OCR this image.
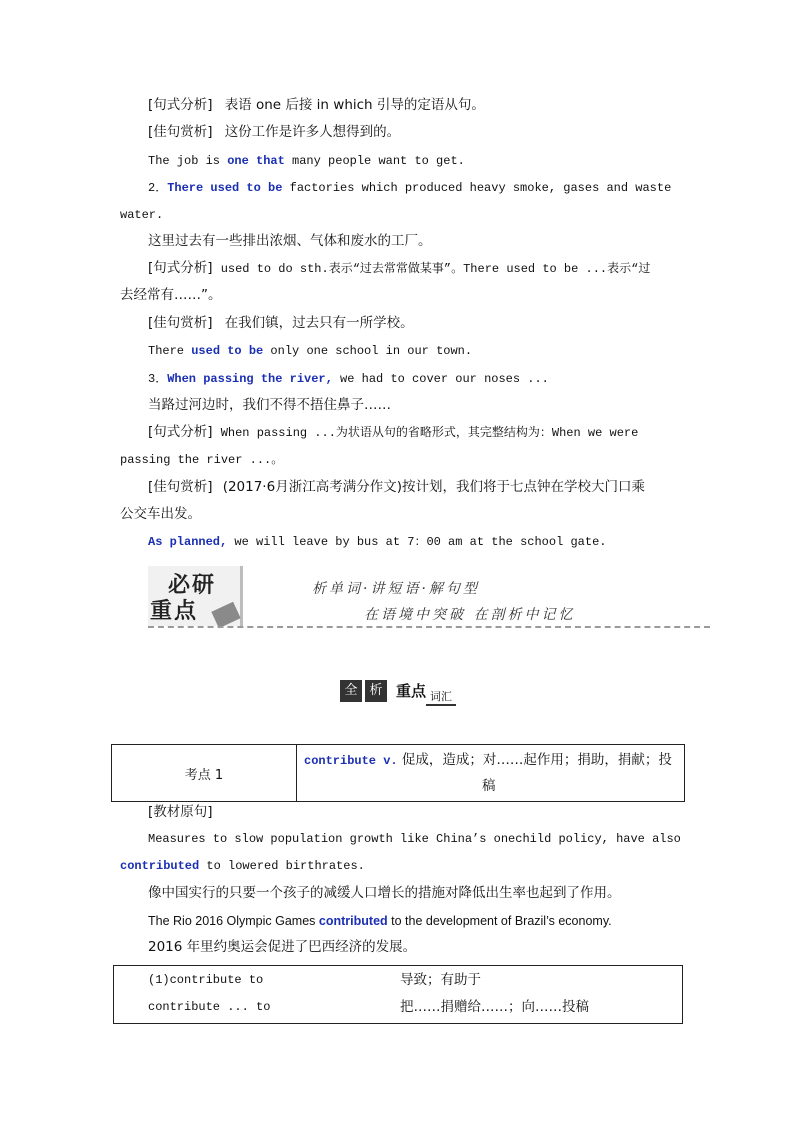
[句式分析] 表语 one 后接 in which 引导的定语从句。
[佳句赏析] 这份工作是许多人想得到的。
The job is one that many people want to get.
2．There used to be factories which produced heavy smoke, gases and waste
water.
这里过去有一些排出浓烟、气体和废水的工厂。
[句式分析] used to do sth.表示“过去常常做某事”。There used to be ...表示“过
去经常有……”。
[佳句赏析] 在我们镇，过去只有一所学校。
There used to be only one school in our town.
3．When passing the river, we had to cover our noses ...
当路过河边时，我们不得不捂住鼻子……
[句式分析] When passing ...为状语从句的省略形式，其完整结构为：When we were
passing the river ...。
[佳句赏析] (2017·6月浙江高考满分作文)按计划，我们将于七点钟在学校大门口乘
公交车出发。
As planned, we will leave by bus at 7：00 am at the school gate.
必研
重点
析单词·讲短语·解句型
在语境中突破 在剖析中记忆
全 析 重点 词汇
考点 1
contribute v. 促成，造成；对……起作用；捐助，捐献；投
稿
[教材原句]
Measures to slow population growth like China’s onechild policy, have also
contributed to lowered birthrates.
像中国实行的只要一个孩子的减缓人口增长的措施对降低出生率也起到了作用。
The Rio 2016 Olympic Games contributed to the development of Brazil’s economy.
2016 年里约奥运会促进了巴西经济的发展。
(1)contribute to	导致；有助于
contribute ... to	把……捐赠给……；向……投稿
